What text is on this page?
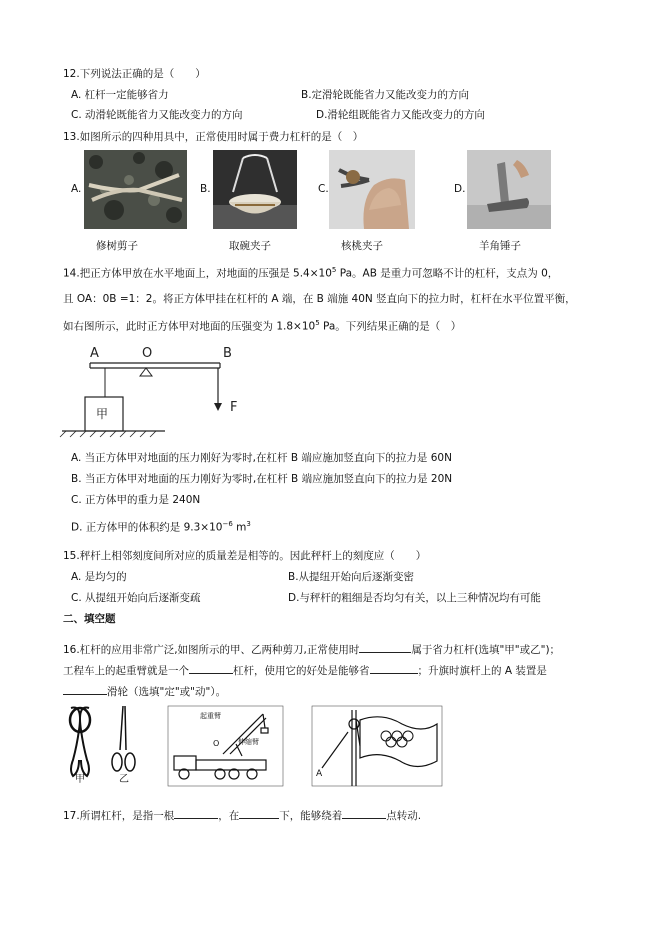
12.下列说法正确的是（　　）
A. 杠杆一定能够省力	B.定滑轮既能省力又能改变力的方向
C. 动滑轮既能省力又能改变力的方向	D.滑轮组既能省力又能改变力的方向
13.如图所示的四种用具中，正常使用时属于费力杠杆的是（　）
A.
修树剪子
B.
取碗夹子
C.
核桃夹子
D.
羊角锤子
14.把正方体甲放在水平地面上，对地面的压强是 $5.4\times 10^5$ Pa。AB 是重力可忽略不计的杠杆，支点为 0，
且 OA：0B =1：2。将正方体甲挂在杠杆的 A 端，在 B 端施 40N 竖直向下的拉力时，杠杆在水平位置平衡，
如右图所示，此时正方体甲对地面的压强变为 $1.8\times 10^5$ Pa。下列结果正确的是（　）
A	O	B
F
甲
A. 当正方体甲对地面的压力刚好为零时,在杠杆 B 端应施加竖直向下的拉力是 60N
B. 当正方体甲对地面的压力刚好为零时,在杠杆 B 端应施加竖直向下的拉力是 20N
C. 正方体甲的重力是 240N
D. 正方体甲的体积约是 $9.3\times 10^{-6}$ $m^3$
15.秤杆上相邻刻度间所对应的质量差是相等的。因此秤杆上的刻度应（　　）
A. 是均匀的	B.从提纽开始向后逐渐变密
C. 从提纽开始向后逐渐变疏	D.与秤杆的粗细是否均匀有关，以上三种情况均有可能
二、填空题
16.杠杆的应用非常广泛,如图所示的甲、乙两种剪刀,正常使用时	属于省力杠杆(选填"甲"或乙")；
工程车上的起重臂就是一个	杠杆，使用它的好处是能够省	；升旗时旗杆上的 A 装置是
滑轮（选填"定"或"动"）。
甲	乙
起重臂
伸缩臂
O
A
17.所谓杠杆，是指一根	，在	下，能够绕着	点转动.
